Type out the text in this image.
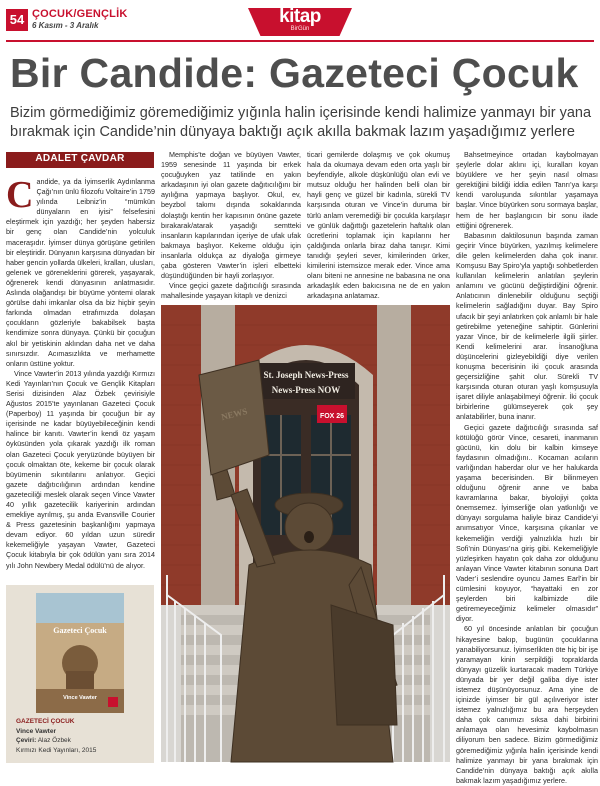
54 ÇOCUK/GENÇLİK
6 Kasım - 3 Aralık	kitap
BirGün
Bir Candide: Gazeteci Çocuk
Bizim görmediğimiz göremediğimiz yığınla halin içerisinde kendi halimize yanmayı bir yana bırakmak için Candide’nin dünyaya baktığı açık akılla bakmak lazım yaşadığımız yerlere
ADALET ÇAVDAR

Candide, ya da İyimserlik Aydınlanma Çağı’nın ünlü filozofu Voltaire’in 1759 yılında Leibniz’in “mümkün dünyaların en iyisi” felsefesini eleştirmek için yazdığı; her şeyden habersiz bir genç olan Candide’nin yolculuk maceraşıdır. İyimser dünya görüşüne getirilen bir eleştiridir. Dünyanın karşısına dünyadan bir haber gencin yollarda ülkeleri, kralları, ulusları, gelenek ve göreneklerini görerek, yaşayarak, öğrenerek kendi dünyasının anlatmasıdır. Aslında olağandışı bir büyüme yöntemi olarak görülse dahi imkanlar olsa da biz hiçbir şeyin farkında olmadan etrafımızda dolaşan çocukların gözleriyle bakabilsek başta kendimize sonra dünyaya. Çünkü bir çocuğun akıl bir yetiskinin aklından daha net ve daha sınırsızdır. Acımasızlıkta ve merhamette onların üstüne yoktur.

Vince Vawter’in 2013 yılında yazdığı Kırmızı Kedi Yayınları’nın Çocuk ve Gençlik Kitapları Serisi dizisinden Alaz Özbek çevirisiyle Ağustos 2015’te yayınlanan Gazeteci Çocuk (Paperboy) 11 yaşında bir çocuğun bir ay içerisinde ne kadar büyüyebileceğinin kendi halince bir kanıtı. Vawter’in kendi öz yaşam öyküsünden yola çıkarak yazdığı ilk roman olan Gazeteci Çocuk yeryüzünde büyüyen bir çocuk olmaktan öte, kekeme bir çocuk olarak büyümenin sıkıntılarını anlatıyor. Geçici gazete dağıtıcılığının ardından kendine gazeteciliği meslek olarak seçen Vince Vawter 40 yıllık gazetecilik kariyerinin ardından emekliye ayrılmış, şu anda Evansville Courier & Press gazetesinin başkanlığını yapmaya devam ediyor. 60 yıldan uzun süredir kekemeliğiyle yaşayan Vawter, Gazeteci Çocuk kitabıyla bir çok ödülün yanı sıra 2014 yılı John Newbery Medal ödülü’nü de alıyor.

Memphis’te doğan ve büyüyen Vawter, 1959 senesinde 11 yaşında bir erkek çocuğuyken yaz tatilinde en yakın arkadaşının iyi olan gazete dağıtıcılığını bir ayılığına yapmaya başlıyor. Okul, ev, beyzbol takımı dışında sokaklarında dolaştığı kentin her kapısının önüne gazete bırakarak/atarak yaşadığı semtteki insanların kapılarından içeriye de ufak ufak bakmaya başlıyor. Kekeme olduğu için insanlarla oldukça az diyaloğa girmeye çaba gösteren Vawter’in işleri elbetteki düşündüğünden bir hayli zorlaşıyor.

Vince geçici gazete dağıtıcılığı sırasında mahallesinde yaşayan kitaplı ve denizci

ticari gemilerde dolaşmış ve çok okumuş hala da okumaya devam eden orta yaşlı bir beyfendiyle, alkole düşkünlüğü olan evli ve mutsuz olduğu her halinden belli olan bir hayli genç ve güzel bir kadınla, sürekli TV karşısında oturan ve Vince’in duruma bir türlü anlam veremediği bir çocukla karşılaşır ve günlük dağıttığı gazetelerin haftalık olan ücretlerini toplamak için kapılarını her çaldığında onlarla biraz daha tanışır. Kimi tanıdığı şeyleri sever, kimilerinden ürker, kimilerini istemsizce merak eder. Vince ama olanı biteni ne annesine ne babasına ne ona arkadaşlık eden bakıcısına ne de en yakın arkadaşına anlatamaz.

Bahsetmeyince ortadan kaybolmayan şeylerle dolar aklını içi, kuralları koyan büyüklere ve her şeyin nasıl olması gerektiğini bildiği iddia edilen Tanrı’ya karşı kendi varoluşunda sıkıntılar yaşamaya başlar. Vince büyürken soru sormaya başlar, hem de her başlangıcın bir sonu ilade ettiğini öğrenerek.

Babasının daktilosunun başında zaman geçirir Vince büyürken, yazılmış kelimelere dile gelen kelimelerden daha çok inanır. Komşusu Bay Spiro’yla yaptığı sohbetlerden kullanılan kelimelerin anlatılan şeylerin anlamını ve gücünü değiştirdiğini öğrenir. Anlatıcının dinlenebilir olduğunu seçtiği kelimelerin sağladığını duyar. Bay Spiro ufacık bir şeyi anlatırken çok anlamlı bir hale getirebilme yeteneğine sahiptir. Günlerini yazar Vince, bir de kelimelerle ilgili şiirler. Kendi kelimelerini arar. İnsanoğluna düşüncelerini gizleyebildiği diye verilen konuşma becerisinin iki çocuk arasında geçersizliğine şahit olur. Sürekli TV karşısında oturan oturan yaşlı komşusuyla işaret diliyle anlaşabilmeyi öğrenir. İki çocuk birbirlerine gülümseyerek çok şey anlatabilirler, buna inanır.

Geçici gazete dağıtıcılığı sırasında saf kötülüğü görür Vince, cesareti, inanmanın gücünü, kin dolu bir kalbin kimseye faydasının olmadığını.. Kocaman acıların varlığından haberdar olur ve her halukarda yaşama becerisinden. Bir bilinmeyen olduğunu öğrenir anne ve baba kavramlarına bakar, biyolojiyi çokta önemsemez. İyimserliğe olan yatkınlığı ve dünyayı sorgulama haliyle biraz Candide’yi anımsatıyor Vince, karşısına çıkanlar ve kekemeliğin verdiği yalnızlıkla hızlı bir Sofi’nin Dünyası’na giriş gibi. Kekemeliğiyle yüzleşirken hayatın çok daha zor olduğunu anlayan Vince Vawter kitabının sonuna Dart Vader’i seslendire oyuncu James Earl’in bir cümlesini koyuyor, “hayattaki en zor şeylerden biri kalbimizde dile getiremeyeceğimiz kelimeler olmasıdır” diyor.

60 yıl öncesinde anlatılan bir çocuğun hikayesine bakıp, bugünün çocuklarına yanabiliyorsunuz. İyimserlikten öte hiç bir işe yaramayan kinin serpildiği topraklarda dünyayı güzelik kurtaracak madem Türkiye dünyada bir yer değil galiba diye ister istemez düşünüyorsunuz. Ama yine de içinizde iyimser bir gül açılıveriyor ister istemez yalnızlığımız bu ara herşeyden daha çok canımızı sıksa dahi birbirini anlamaya olan hevesimiz kaybolmasın diliyorum ben sadece. Bizim görmediğimiz göremediğimiz yığınla halin içerisinde kendi halimize yanmayı bir yana bırakmak için Candide’nin dünyaya baktığı açık akılla bakmak lazım yaşadığımız yerlere.

St. Joseph News-Press
News-Press NOW
FOX 26
NEWS
Gazeteci Çocuk
Vince Vawter
GAZETECİ ÇOCUK
Vince Vawter
Çeviri: Alaz Özbek
Kırmızı Kedi Yayınları, 2015
